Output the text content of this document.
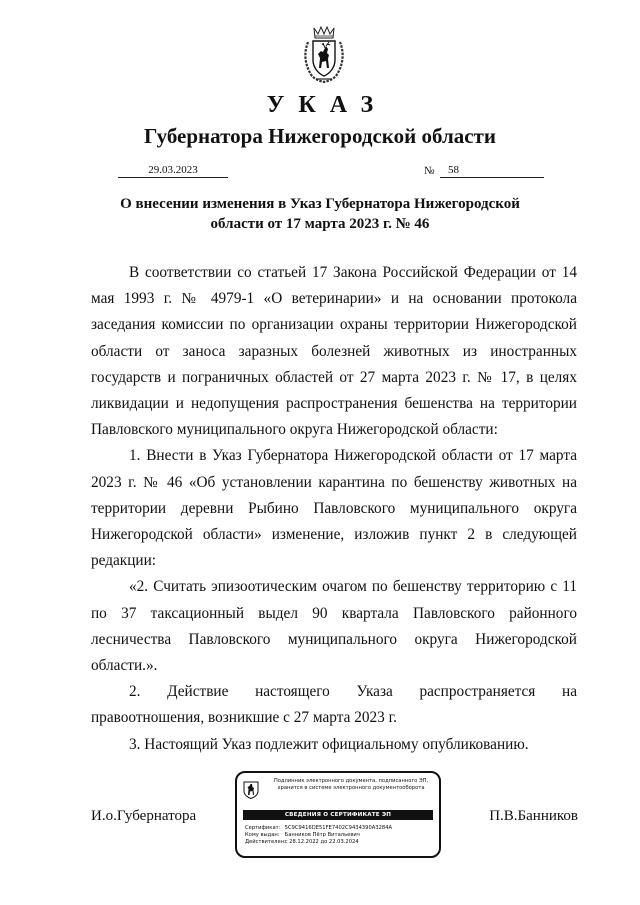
УКАЗ
Губернатора Нижегородской области
29.03.2023	№	58
О внесении изменения в Указ Губернатора Нижегородской области от 17 марта 2023 г. № 46

В соответствии со статьей 17 Закона Российской Федерации от 14 мая 1993 г. № 4979-1 «О ветеринарии» и на основании протокола заседания комиссии по организации охраны территории Нижегородской области от заноса заразных болезней животных из иностранных государств и пограничных областей от 27 марта 2023 г. № 17, в целях ликвидации и недопущения распространения бешенства на территории Павловского муниципального округа Нижегородской области:

1. Внести в Указ Губернатора Нижегородской области от 17 марта 2023 г. № 46 «Об установлении карантина по бешенству животных на территории деревни Рыбино Павловского муниципального округа Нижегородской области» изменение, изложив пункт 2 в следующей редакции:

«2. Считать эпизоотическим очагом по бешенству территорию с 11 по 37 таксационный выдел 90 квартала Павловского районного лесничества Павловского муниципального округа Нижегородской области.».

2. Действие настоящего Указа распространяется на правоотношения, возникшие с 27 марта 2023 г.

3. Настоящий Указ подлежит официальному опубликованию.

И.о.Губернатора	П.В.Банников
Подлинник электронного документа, подписанного ЭП, хранится в системе электронного документооборота
СВЕДЕНИЯ О СЕРТИФИКАТЕ ЭП
Сертификат: 5C9C9416DE51FE7402C9434390A3284A
Кому выдан: Банников Пётр Витальевич
Действителен: с 28.12.2022 до 22.03.2024
